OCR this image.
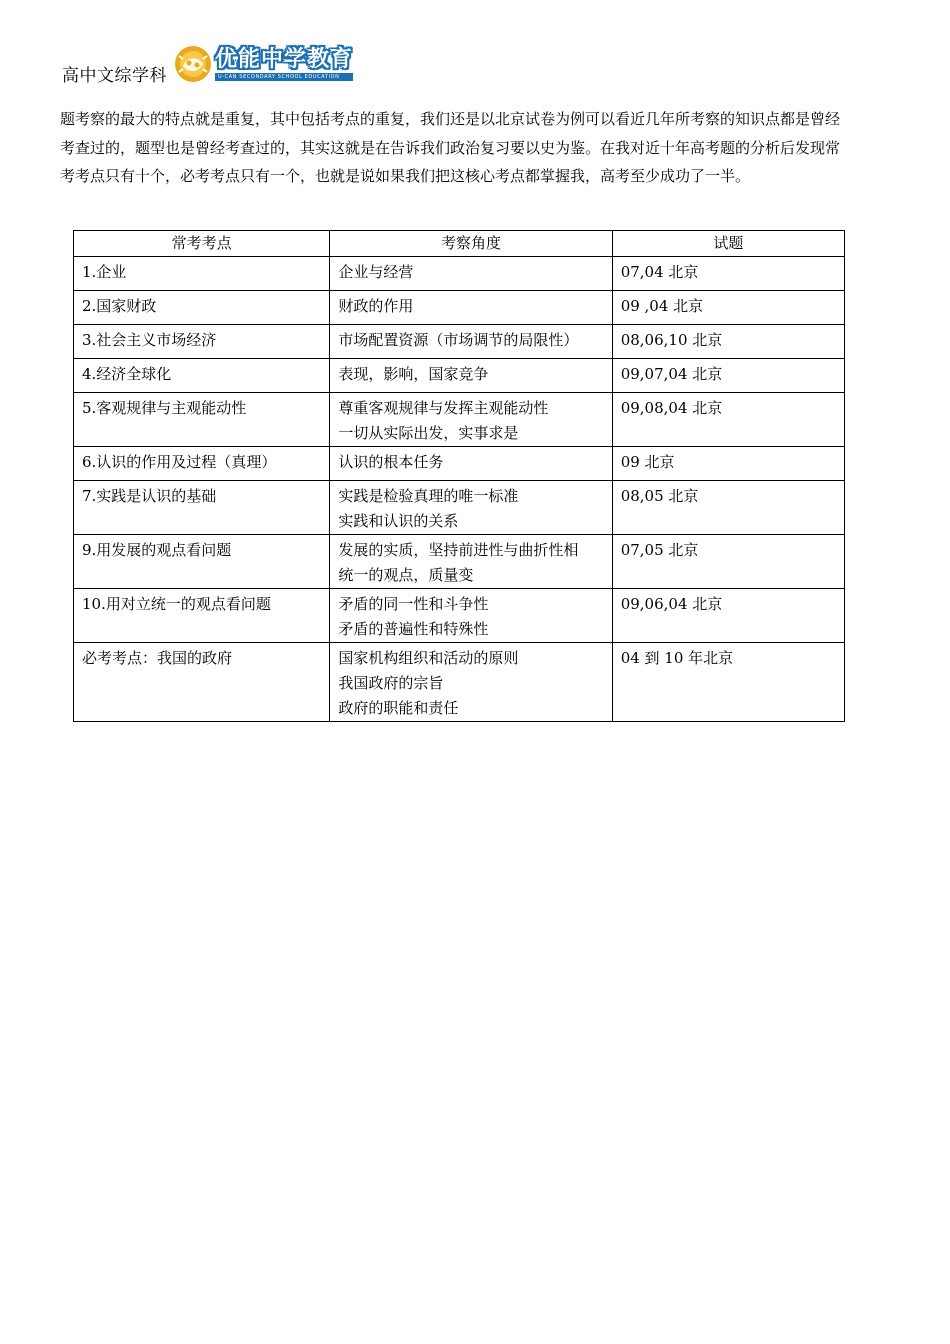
高中文综学科
优能中学教育
U-CAN SECONDARY SCHOOL EDUCATION

题考察的最大的特点就是重复，其中包括考点的重复，我们还是以北京试卷为例可以看近几年所考察的知识点都是曾经考查过的，题型也是曾经考查过的，其实这就是在告诉我们政治复习要以史为鉴。在我对近十年高考题的分析后发现常考考点只有十个，必考考点只有一个，也就是说如果我们把这核心考点都掌握我，高考至少成功了一半。

常考考点	考察角度	试题
1.企业	企业与经营	07,04 北京
2.国家财政	财政的作用	09 ,04 北京
3.社会主义市场经济	市场配置资源（市场调节的局限性）	08,06,10 北京
4.经济全球化	表现，影响，国家竞争	09,07,04 北京
5.客观规律与主观能动性	尊重客观规律与发挥主观能动性
一切从实际出发，实事求是	09,08,04 北京
6.认识的作用及过程（真理）	认识的根本任务	09 北京
7.实践是认识的基础	实践是检验真理的唯一标准
实践和认识的关系	08,05 北京
9.用发展的观点看问题	发展的实质，坚持前进性与曲折性相
统一的观点，质量变	07,05 北京
10.用对立统一的观点看问题	矛盾的同一性和斗争性
矛盾的普遍性和特殊性	09,06,04 北京
必考考点：我国的政府	国家机构组织和活动的原则
我国政府的宗旨
政府的职能和责任	04 到 10 年北京
